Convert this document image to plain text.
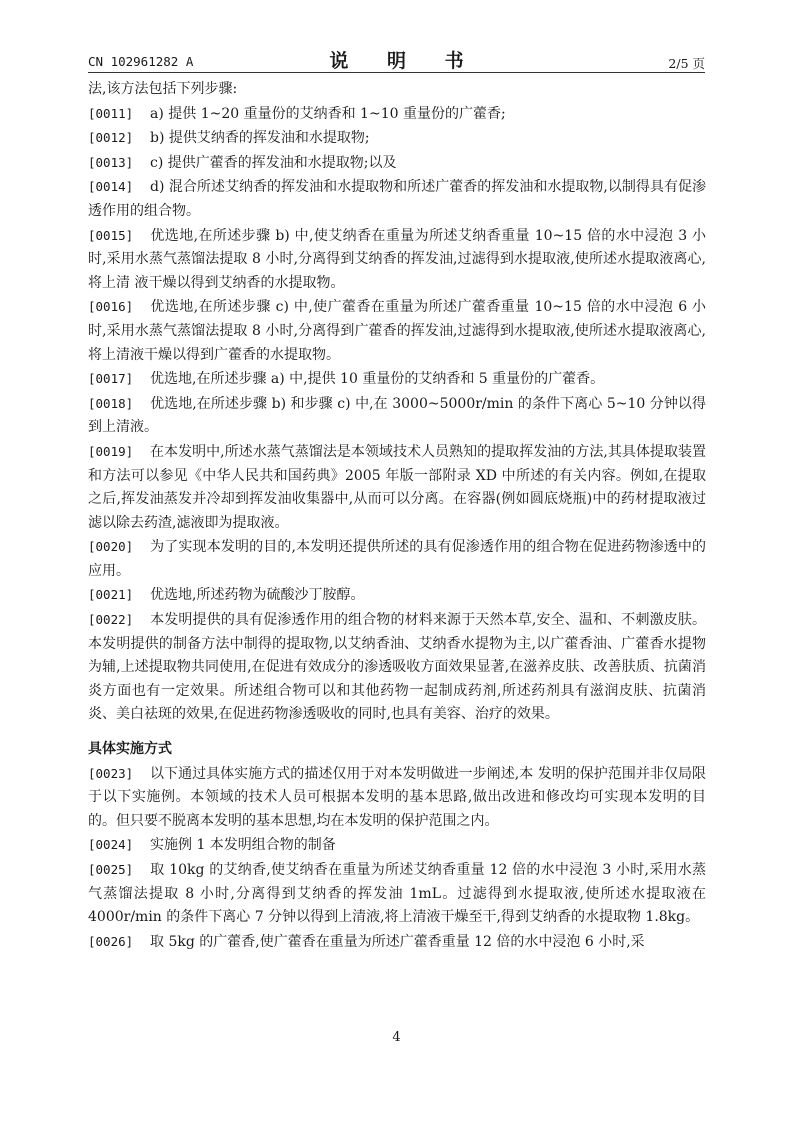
CN 102961282 A	说 明 书	2/5 页

法,该方法包括下列步骤:

[0011] a) 提供 1~20 重量份的艾纳香和 1~10 重量份的广藿香;

[0012] b) 提供艾纳香的挥发油和水提取物;

[0013] c) 提供广藿香的挥发油和水提取物;以及

[0014] d) 混合所述艾纳香的挥发油和水提取物和所述广藿香的挥发油和水提取物,以制得具有促渗透作用的组合物。

[0015] 优选地,在所述步骤 b) 中,使艾纳香在重量为所述艾纳香重量 10~15 倍的水中浸泡 3 小时,采用水蒸气蒸馏法提取 8 小时,分离得到艾纳香的挥发油,过滤得到水提取液,使所述水提取液离心,将上清 液干燥以得到艾纳香的水提取物。

[0016] 优选地,在所述步骤 c) 中,使广藿香在重量为所述广藿香重量 10~15 倍的水中浸泡 6 小时,采用水蒸气蒸馏法提取 8 小时,分离得到广藿香的挥发油,过滤得到水提取液,使所述水提取液离心,将上清液干燥以得到广藿香的水提取物。

[0017] 优选地,在所述步骤 a) 中,提供 10 重量份的艾纳香和 5 重量份的广藿香。

[0018] 优选地,在所述步骤 b) 和步骤 c) 中,在 3000~5000r/min 的条件下离心 5~10 分钟以得到上清液。

[0019] 在本发明中,所述水蒸气蒸馏法是本领域技术人员熟知的提取挥发油的方法,其具体提取装置和方法可以参见《中华人民共和国药典》2005 年版一部附录 XD 中所述的有关内容。例如,在提取之后,挥发油蒸发并冷却到挥发油收集器中,从而可以分离。在容器(例如圆底烧瓶)中的药材提取液过滤以除去药渣,滤液即为提取液。

[0020] 为了实现本发明的目的,本发明还提供所述的具有促渗透作用的组合物在促进药物渗透中的应用。

[0021] 优选地,所述药物为硫酸沙丁胺醇。

[0022] 本发明提供的具有促渗透作用的组合物的材料来源于天然本草,安全、温和、不刺激皮肤。本发明提供的制备方法中制得的提取物,以艾纳香油、艾纳香水提物为主,以广藿香油、广藿香水提物为辅,上述提取物共同使用,在促进有效成分的渗透吸收方面效果显著,在滋养皮肤、改善肤质、抗菌消炎方面也有一定效果。所述组合物可以和其他药物一起制成药剂,所述药剂具有滋润皮肤、抗菌消炎、美白祛斑的效果,在促进药物渗透吸收的同时,也具有美容、治疗的效果。

具体实施方式

[0023] 以下通过具体实施方式的描述仅用于对本发明做进一步阐述,本 发明的保护范围并非仅局限于以下实施例。本领域的技术人员可根据本发明的基本思路,做出改进和修改均可实现本发明的目的。但只要不脱离本发明的基本思想,均在本发明的保护范围之内。

[0024] 实施例 1 本发明组合物的制备

[0025] 取 10kg 的艾纳香,使艾纳香在重量为所述艾纳香重量 12 倍的水中浸泡 3 小时,采用水蒸气蒸馏法提取 8 小时,分离得到艾纳香的挥发油 1mL。过滤得到水提取液,使所述水提取液在 4000r/min 的条件下离心 7 分钟以得到上清液,将上清液干燥至干,得到艾纳香的水提取物 1.8kg。

[0026] 取 5kg 的广藿香,使广藿香在重量为所述广藿香重量 12 倍的水中浸泡 6 小时,采

4
